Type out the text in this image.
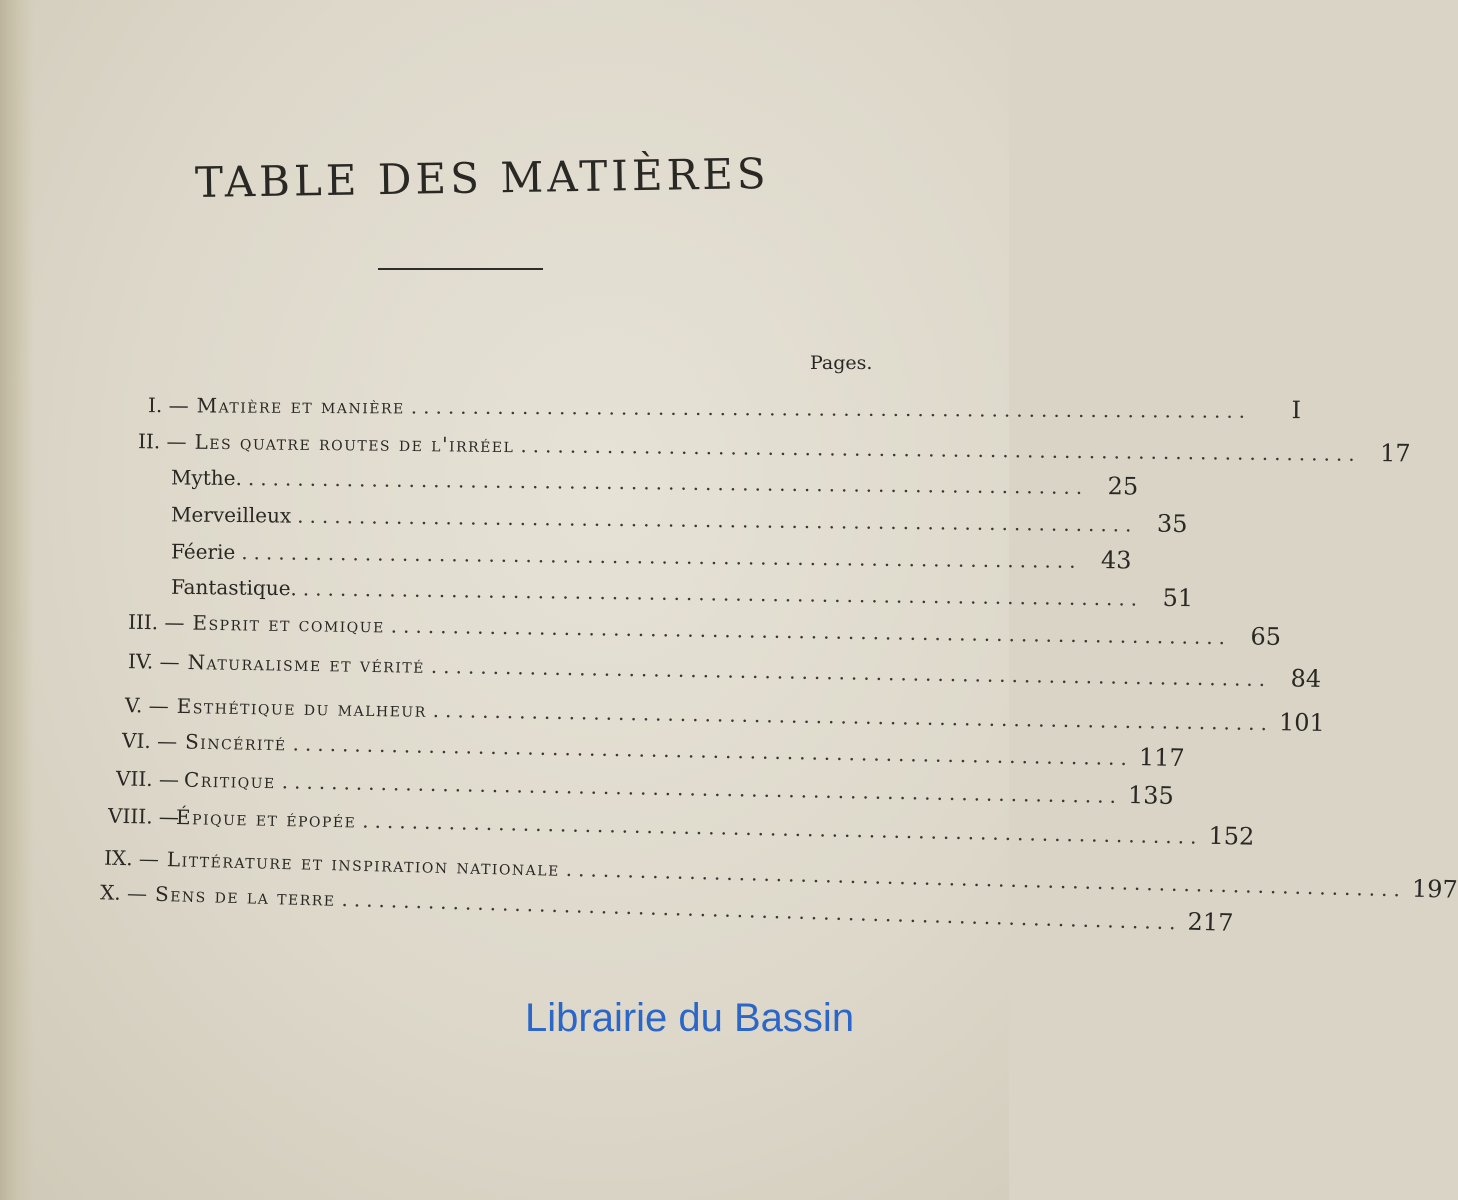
TABLE DES MATIÈRES
Pages.
I. — Matière et manière ....................................................................	I
II. — Les quatre routes de l'irréel .................................................................... 17
Mythe. .................................................................... 25
Merveilleux .................................................................... 35
Féerie .................................................................... 43
Fantastique. .................................................................... 51
III. — Esprit et comique .................................................................... 65
IV. — Naturalisme et vérité .................................................................... 84
V. — Esthétique du malheur .................................................................... 101
VI. — Sincérité .................................................................... 117
VII. — Critique .................................................................... 135
VIII. —
Épique et épopée .................................................................... 152
IX. — Littérature et inspiration nationale .................................................................... 197
X. — Sens de la terre .................................................................... 217
Librairie du Bassin
